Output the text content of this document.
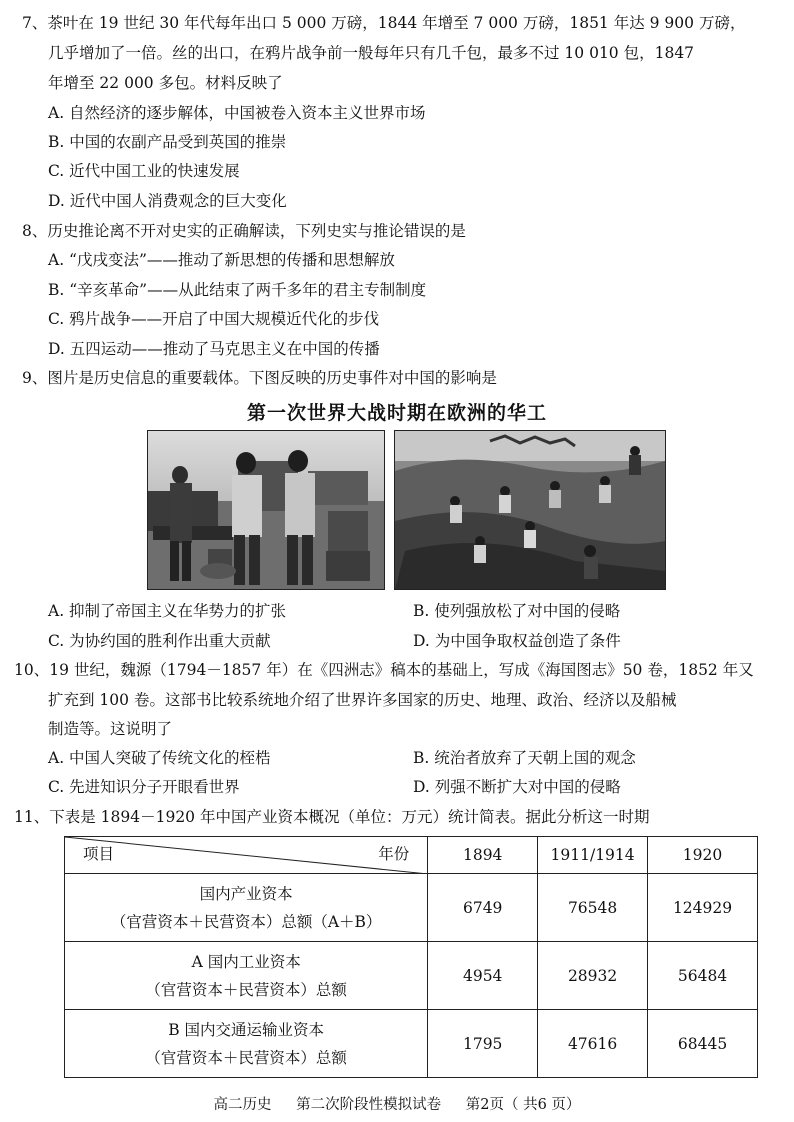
7、茶叶在 19 世纪 30 年代每年出口 5 000 万磅，1844 年增至 7 000 万磅，1851 年达 9 900 万磅，
几乎增加了一倍。丝的出口，在鸦片战争前一般每年只有几千包，最多不过 10 010 包，1847
年增至 22 000 多包。材料反映了
A. 自然经济的逐步解体，中国被卷入资本主义世界市场
B. 中国的农副产品受到英国的推崇
C. 近代中国工业的快速发展
D. 近代中国人消费观念的巨大变化
8、历史推论离不开对史实的正确解读，下列史实与推论错误的是
A. “戊戌变法”——推动了新思想的传播和思想解放
B. “辛亥革命”——从此结束了两千多年的君主专制制度
C. 鸦片战争——开启了中国大规模近代化的步伐
D. 五四运动——推动了马克思主义在中国的传播
9、图片是历史信息的重要载体。下图反映的历史事件对中国的影响是
第一次世界大战时期在欧洲的华工
A. 抑制了帝国主义在华势力的扩张	B. 使列强放松了对中国的侵略
C. 为协约国的胜利作出重大贡献	D. 为中国争取权益创造了条件
10、19 世纪，魏源（1794－1857 年）在《四洲志》稿本的基础上，写成《海国图志》50 卷，1852 年又
扩充到 100 卷。这部书比较系统地介绍了世界许多国家的历史、地理、政治、经济以及船械
制造等。这说明了
A. 中国人突破了传统文化的桎梏	B. 统治者放弃了天朝上国的观念
C. 先进知识分子开眼看世界	D. 列强不断扩大对中国的侵略
11、下表是 1894－1920 年中国产业资本概况（单位：万元）统计简表。据此分析这一时期
项目 年份	1894	1911/1914	1920

国内产业资本
（官营资本＋民营资本）总额（A＋B）	6749	76548	124929

A 国内工业资本
（官营资本＋民营资本）总额	4954	28932	56484

B 国内交通运输业资本
（官营资本＋民营资本）总额	1795	47616	68445
高二历史 第二次阶段性模拟试卷 第2页（ 共6 页）
